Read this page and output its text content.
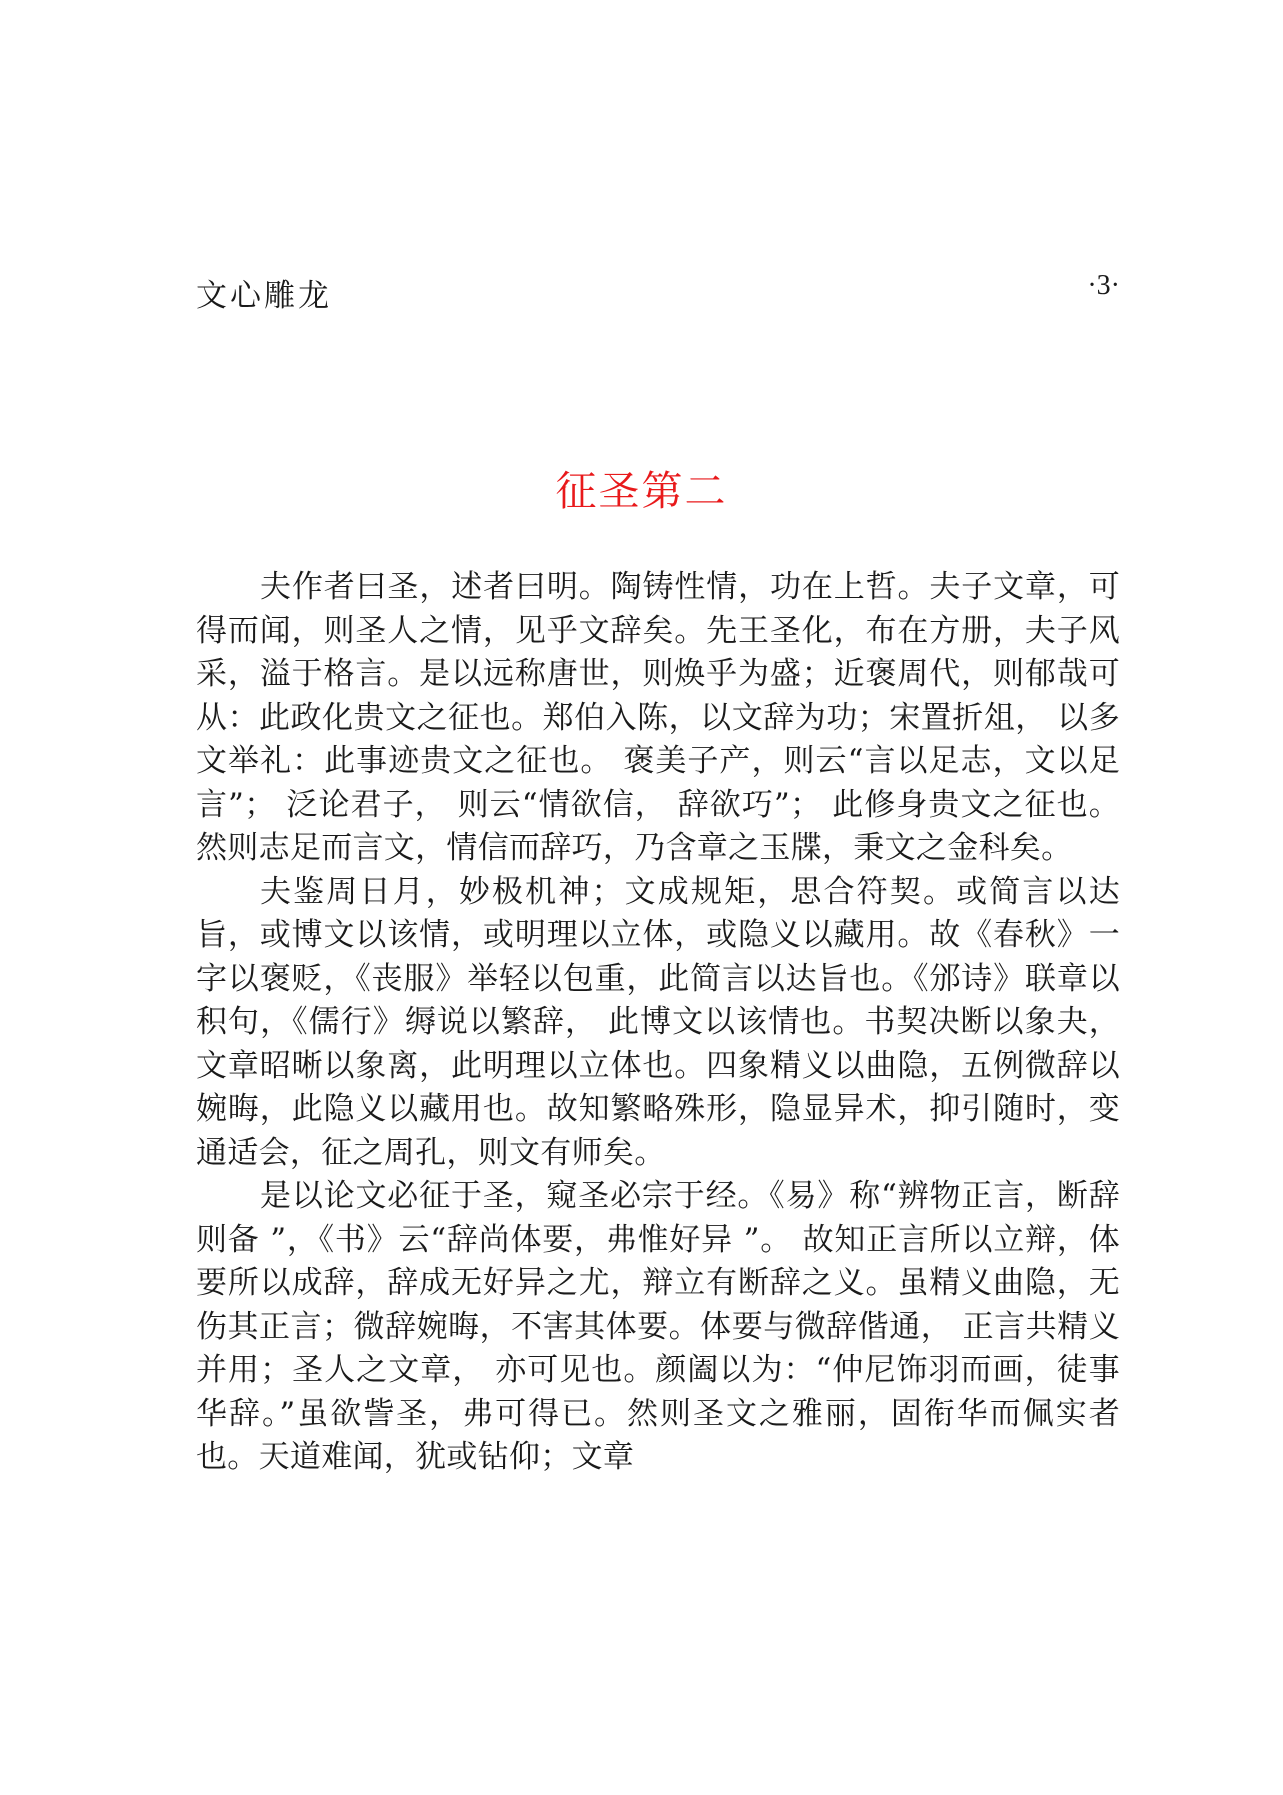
文心雕龙	·3·
征圣第二

夫作者曰圣，述者曰明。陶铸性情，功在上哲。夫子文章，可得而闻，则圣人之情，见乎文辞矣。先王圣化，布在方册，夫子风采，溢于格言。是以远称唐世，则焕乎为盛；近褒周代，则郁哉可从：此政化贵文之征也。郑伯入陈，以文辞为功；宋置折俎， 以多文举礼：此事迹贵文之征也。 褒美子产，则云“言以足志，文以足言”； 泛论君子， 则云“情欲信， 辞欲巧”； 此修身贵文之征也。然则志足而言文，情信而辞巧，乃含章之玉牒，秉文之金科矣。

夫鉴周日月，妙极机神；文成规矩，思合符契。或简言以达旨，或博文以该情，或明理以立体，或隐义以藏用。故《春秋》一字以褒贬，《丧服》举轻以包重，此简言以达旨也。《邠诗》联章以积句，《儒行》缛说以繁辞， 此博文以该情也。书契决断以象夬，文章昭晰以象离，此明理以立体也。四象精义以曲隐，五例微辞以婉晦，此隐义以藏用也。故知繁略殊形，隐显异术，抑引随时，变通适会，征之周孔，则文有师矣。

是以论文必征于圣，窥圣必宗于经。《易》称“辨物正言，断辞则备 ”，《书》云“辞尚体要，弗惟好异 ”。 故知正言所以立辩，体要所以成辞，辞成无好异之尤，辩立有断辞之义。虽精义曲隐，无伤其正言；微辞婉晦，不害其体要。体要与微辞偕通， 正言共精义并用；圣人之文章， 亦可见也。颜阖以为：“仲尼饰羽而画，徒事华辞。”虽欲訾圣，弗可得已。然则圣文之雅丽，固衔华而佩实者也。天道难闻，犹或钻仰；文章
